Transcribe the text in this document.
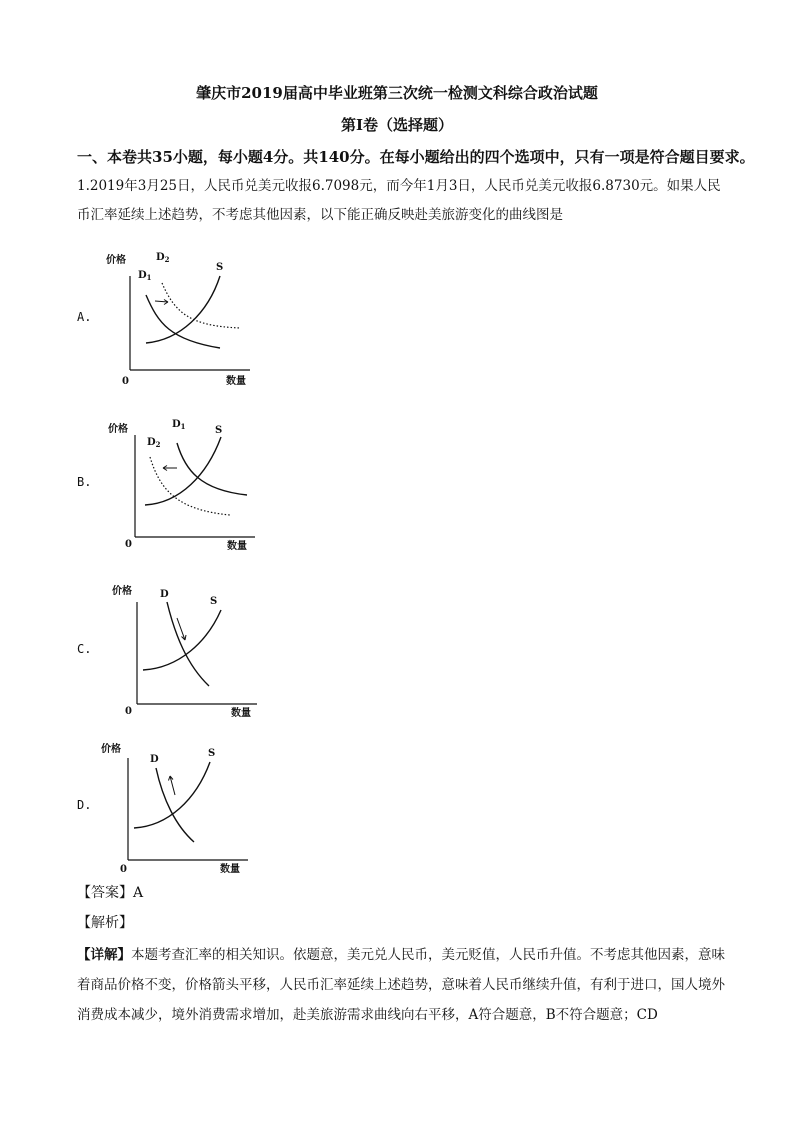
肇庆市2019届高中毕业班第三次统一检测文科综合政治试题
第Ⅰ卷（选择题）
一、本卷共35小题，每小题4分。共140分。在每小题给出的四个选项中，只有一项是符合题目要求。
1.2019年3月25日，人民币兑美元收报6.7098元，而今年1月3日，人民币兑美元收报6.8730元。如果人民币汇率延续上述趋势，不考虑其他因素，以下能正确反映赴美旅游变化的曲线图是
A.
价格
0	数量
$D_1$
$D_2$
S
B.
价格
0	数量
$D_1$
$D_2$
S
C.
价格
0	数量
D
S
D.
价格
0	数量
D
S
【答案】A
【解析】
【详解】本题考查汇率的相关知识。依题意，美元兑人民币，美元贬值，人民币升值。不考虑其他因素，意味着商品价格不变，价格箭头平移，人民币汇率延续上述趋势，意味着人民币继续升值，有利于进口，国人境外消费成本减少，境外消费需求增加，赴美旅游需求曲线向右平移，A符合题意，B不符合题意；CD
